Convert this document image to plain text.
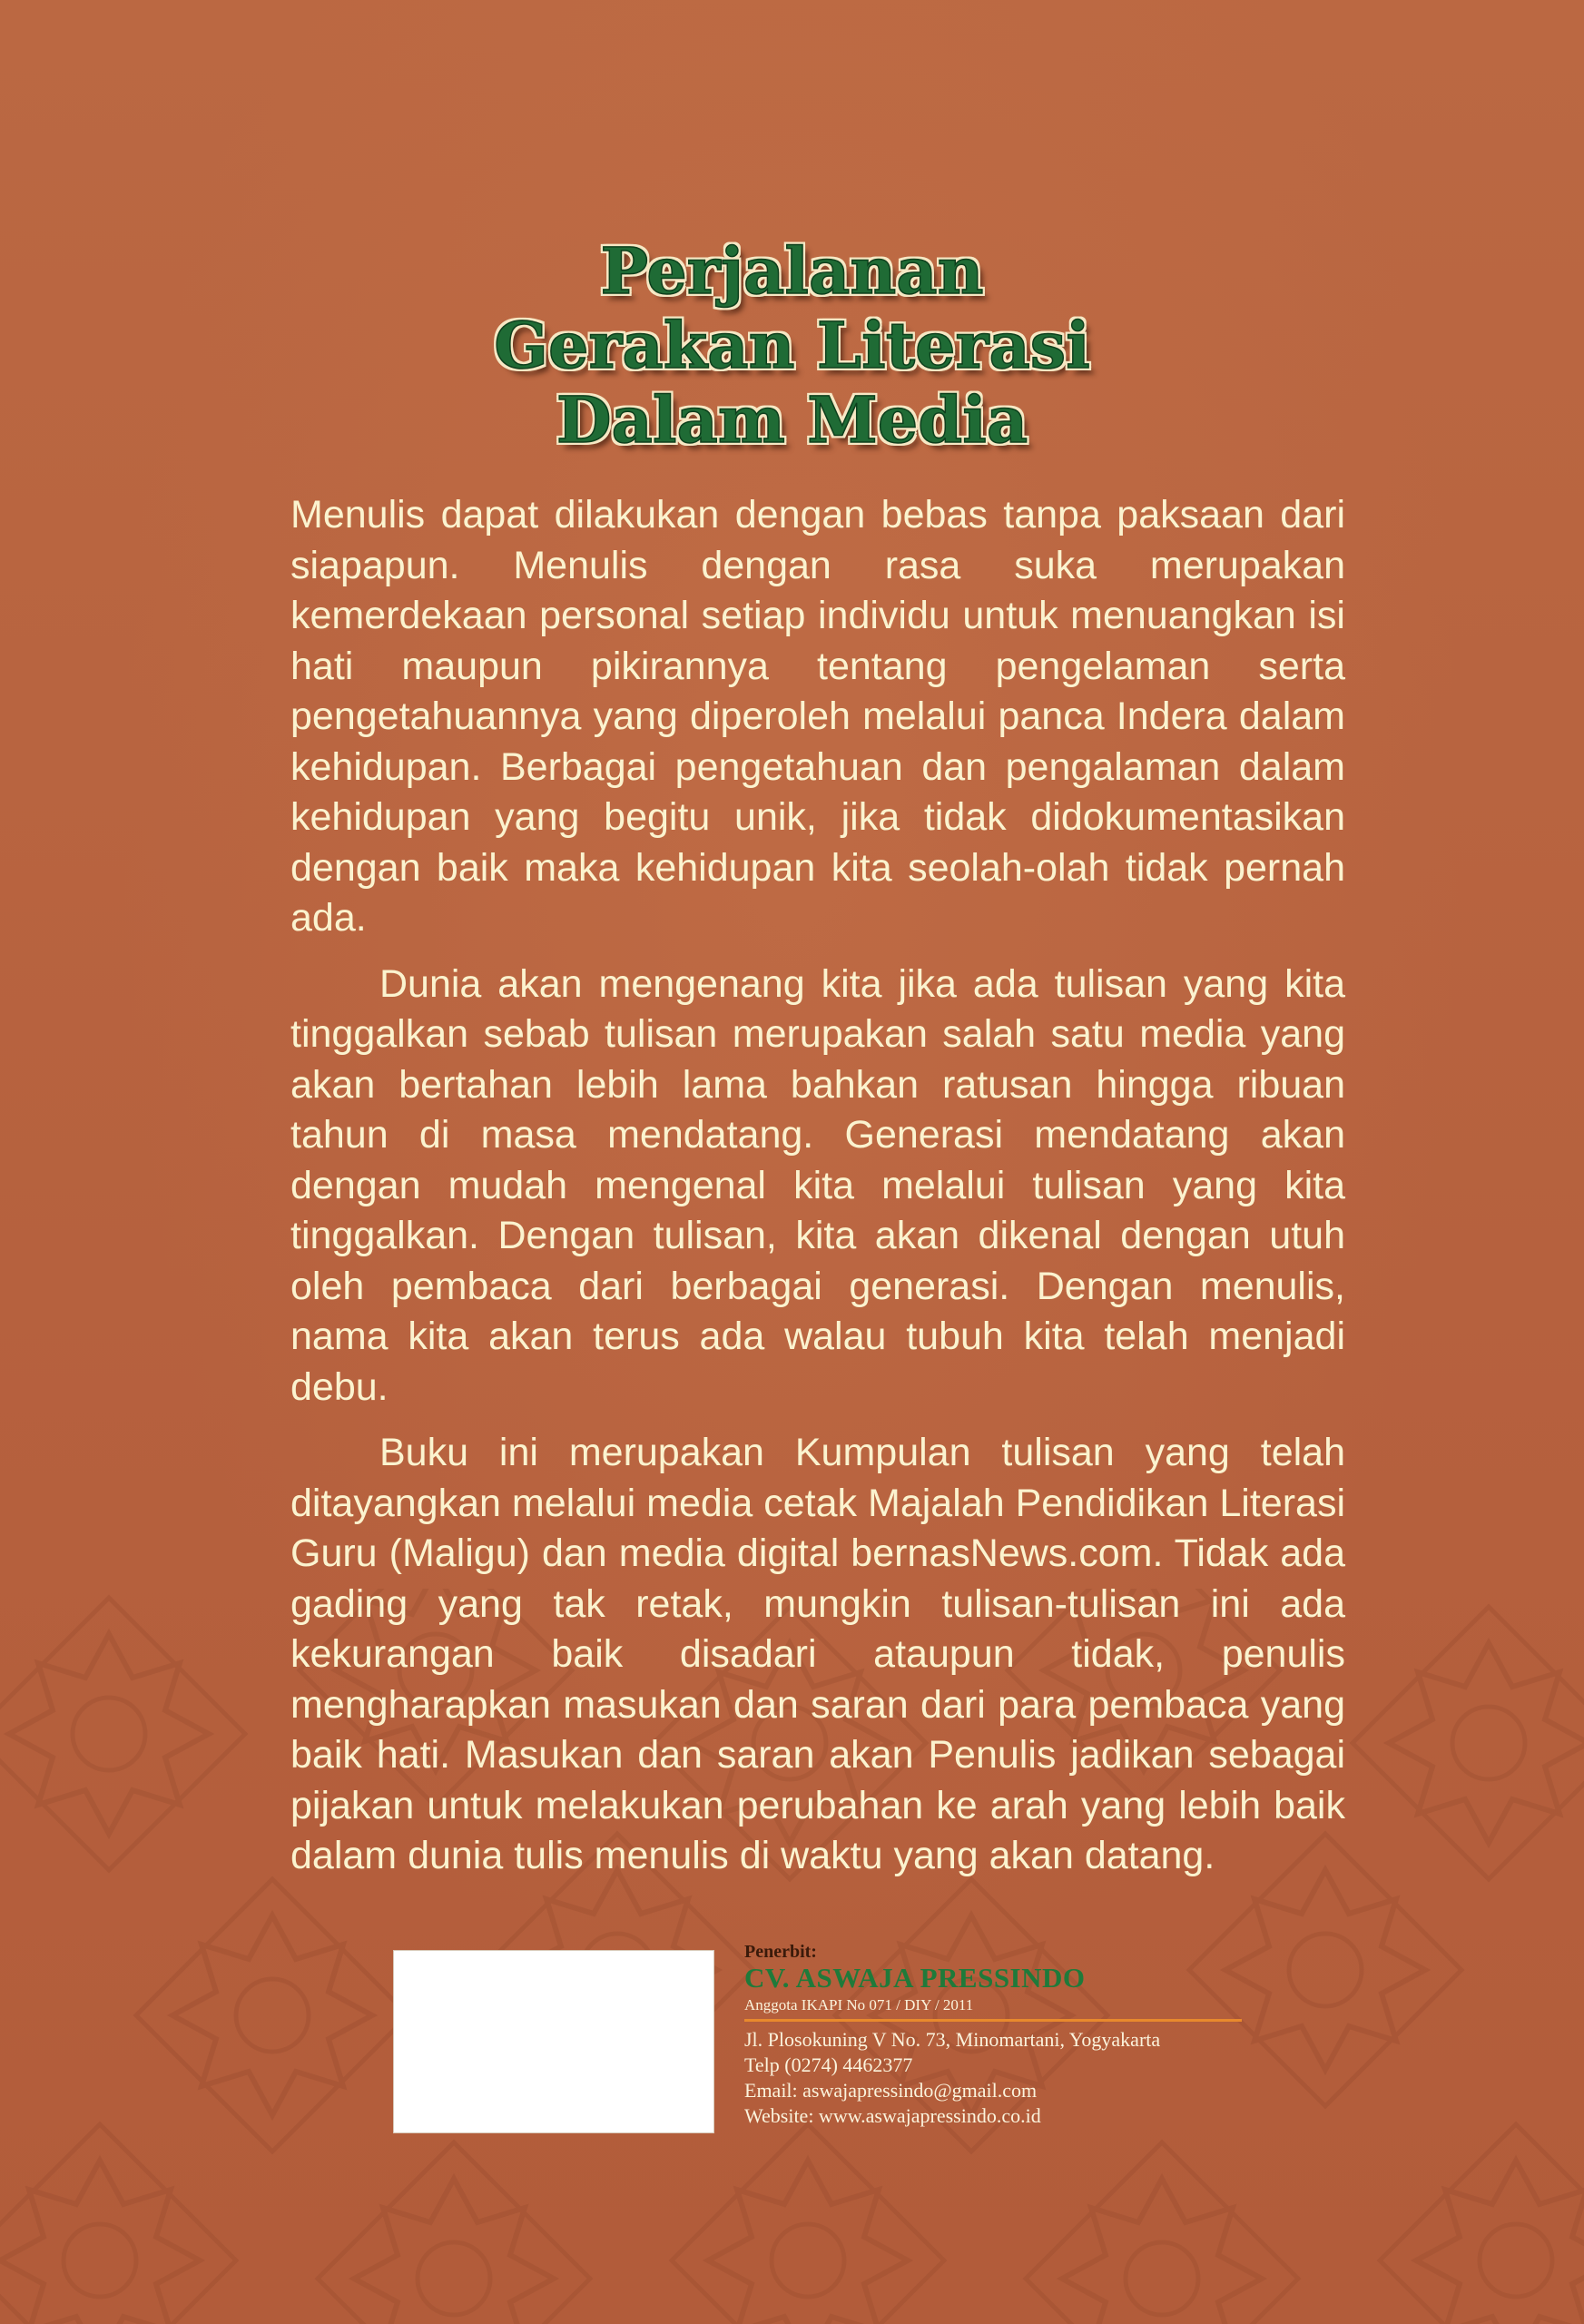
Perjalanan
Gerakan Literasi
Dalam Media

Menulis dapat dilakukan dengan bebas tanpa paksaan dari siapapun. Menulis dengan rasa suka merupakan kemerdekaan personal setiap individu untuk menuangkan isi hati maupun pikirannya tentang pengelaman serta pengetahuannya yang diperoleh melalui panca Indera dalam kehidupan. Berbagai pengetahuan dan pengalaman dalam kehidupan yang begitu unik, jika tidak didokumentasikan dengan baik maka kehidupan kita seolah-olah tidak pernah ada.

Dunia akan mengenang kita jika ada tulisan yang kita tinggalkan sebab tulisan merupakan salah satu media yang akan bertahan lebih lama bahkan ratusan hingga ribuan tahun di masa mendatang. Generasi mendatang akan dengan mudah mengenal kita melalui tulisan yang kita tinggalkan. Dengan tulisan, kita akan dikenal dengan utuh oleh pembaca dari berbagai generasi. Dengan menulis, nama kita akan terus ada walau tubuh kita telah menjadi debu.

Buku ini merupakan Kumpulan tulisan yang telah ditayangkan melalui media cetak Majalah Pendidikan Literasi Guru (Maligu) dan media digital bernasNews.com. Tidak ada gading yang tak retak, mungkin tulisan-tulisan ini ada kekurangan baik disadari ataupun tidak, penulis mengharapkan masukan dan saran dari para pembaca yang baik hati. Masukan dan saran akan Penulis jadikan sebagai pijakan untuk melakukan perubahan ke arah yang lebih baik dalam dunia tulis menulis di waktu yang akan datang.

Penerbit:
CV. ASWAJA PRESSINDO
Anggota IKAPI No 071 / DIY / 2011
Jl. Plosokuning V No. 73, Minomartani, Yogyakarta
Telp (0274) 4462377
Email: aswajapressindo@gmail.com
Website: www.aswajapressindo.co.id
